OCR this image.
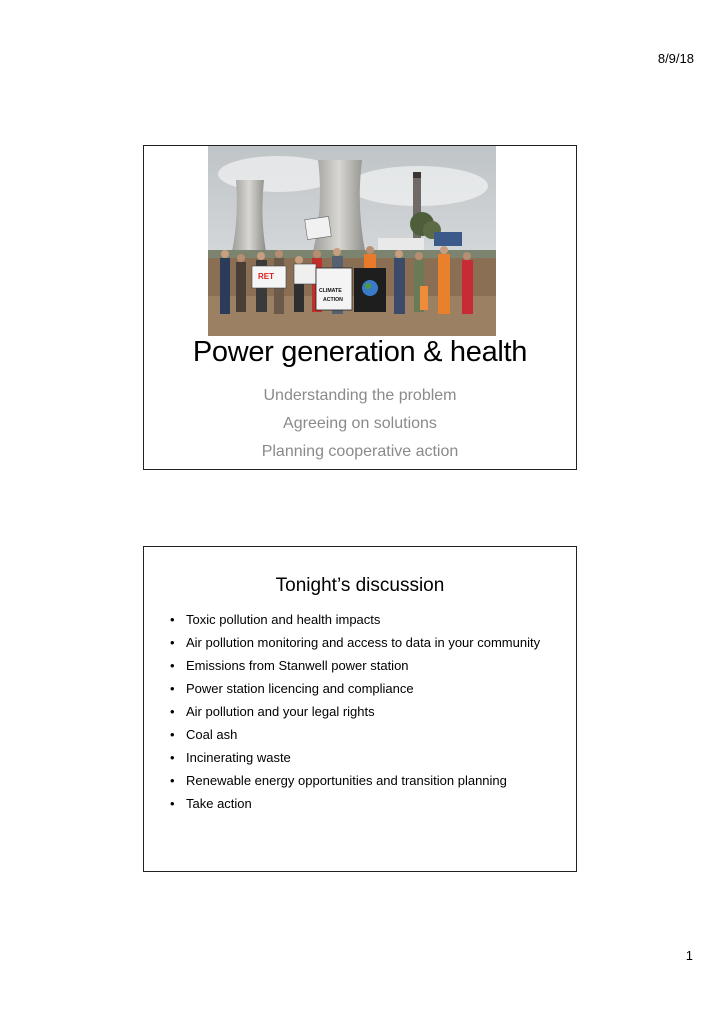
8/9/18
RET
CLIMATE
ACTION
Power generation & health
Understanding the problem
Agreeing on solutions
Planning cooperative action
Tonight’s discussion
• Toxic pollution and health impacts
• Air pollution monitoring and access to data in your community
• Emissions from Stanwell power station
• Power station licencing and compliance
• Air pollution and your legal rights
• Coal ash
• Incinerating waste
• Renewable energy opportunities and transition planning
• Take action
1
